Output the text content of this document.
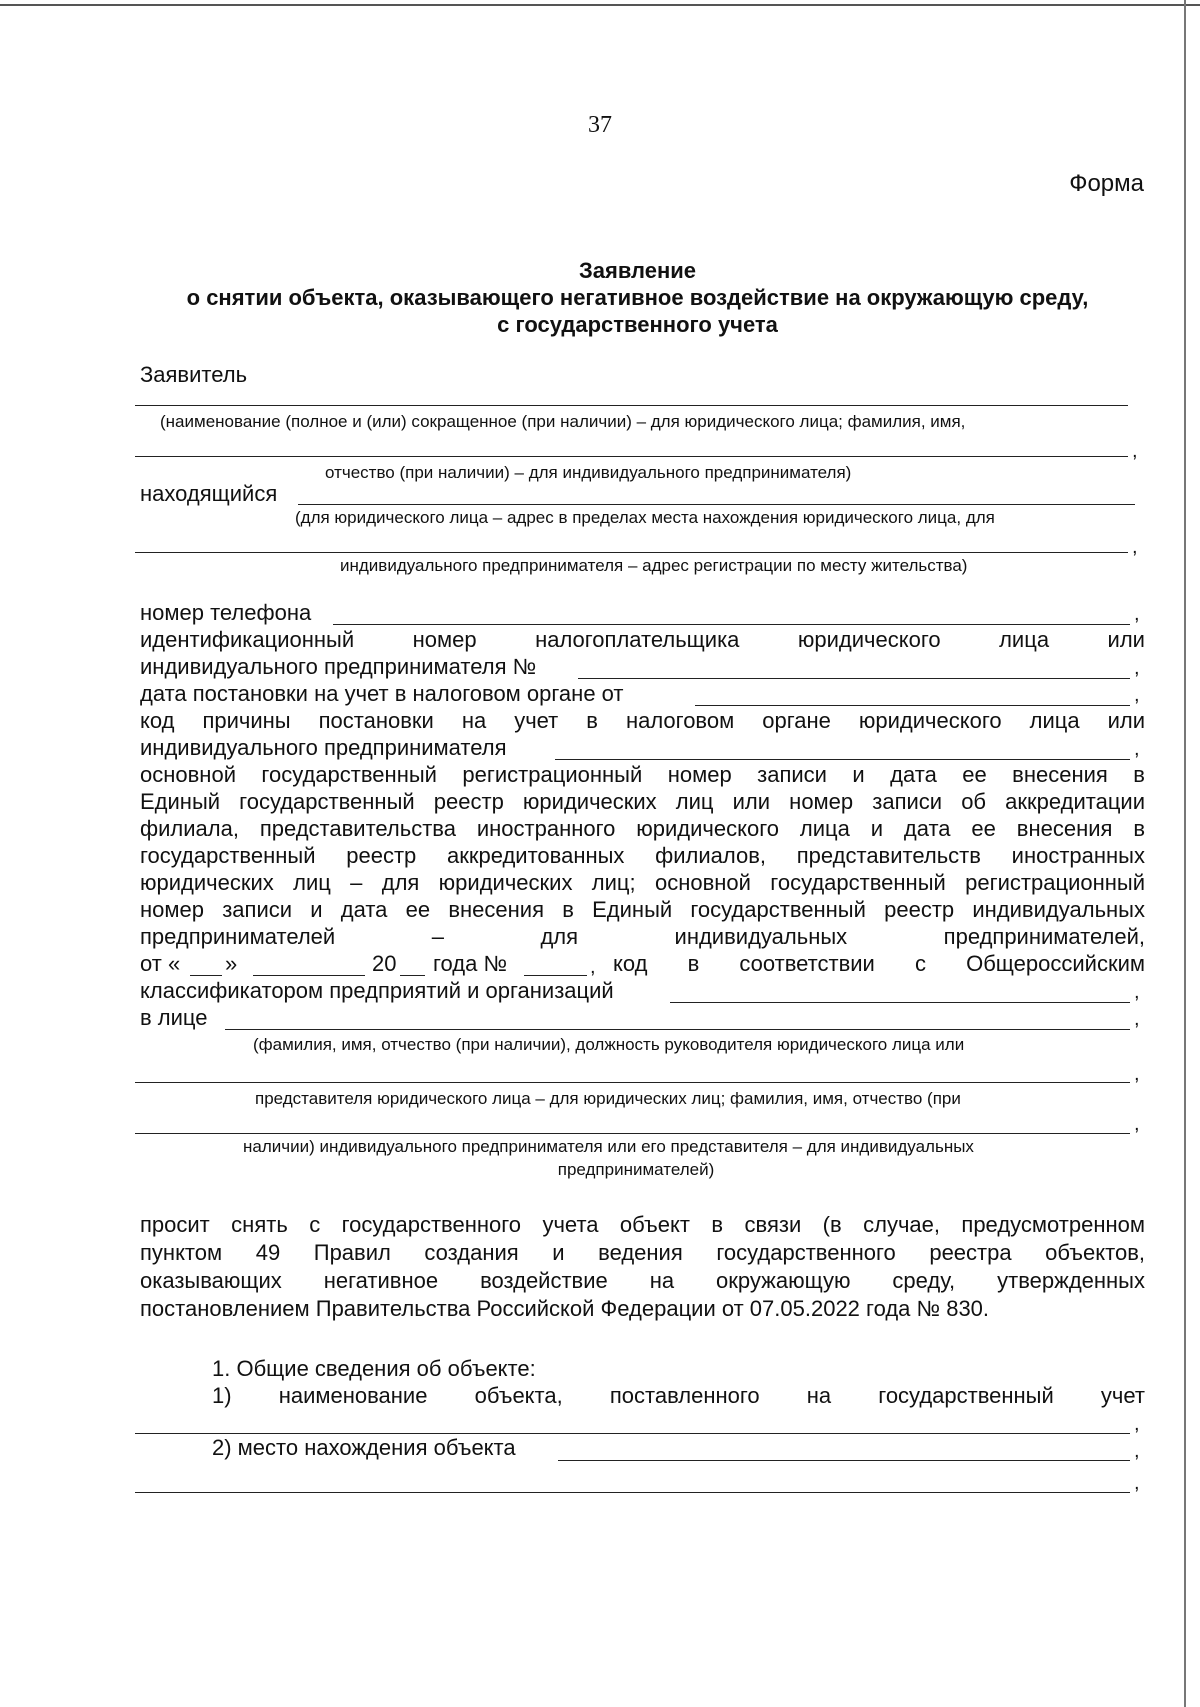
37
Форма
Заявление
о снятии объекта, оказывающего негативное воздействие на окружающую среду,
с государственного учета
Заявитель
(наименование (полное и (или) сокращенное (при наличии) – для юридического лица; фамилия, имя,
,
отчество (при наличии) – для индивидуального предпринимателя)
находящийся
(для юридического лица – адрес в пределах места нахождения юридического лица, для
,
индивидуального предпринимателя – адрес регистрации по месту жительства)
номер телефона	,
идентификационный	номер	налогоплательщика	юридического	лица	или
индивидуального предпринимателя №	,
дата постановки на учет в налоговом органе от	,
код причины постановки на учет в налоговом органе юридического лица или
индивидуального предпринимателя	,
основной государственный регистрационный номер записи и дата ее внесения в
Единый государственный реестр юридических лиц или номер записи об аккредитации
филиала, представительства иностранного юридического лица и дата ее внесения в
государственный реестр аккредитованных филиалов, представительств иностранных
юридических лиц – для юридических лиц; основной государственный регистрационный
номер записи и дата ее внесения в Единый государственный реестр индивидуальных
предпринимателей	–	для	индивидуальных	предпринимателей,
от « »	20 года №	, код в соответствии с Общероссийским
классификатором предприятий и организаций	,
в лице	,
(фамилия, имя, отчество (при наличии), должность руководителя юридического лица или
,
представителя юридического лица – для юридических лиц; фамилия, имя, отчество (при
,
наличии) индивидуального предпринимателя или его представителя – для индивидуальных
предпринимателей)
просит снять с государственного учета объект в связи (в случае, предусмотренном
пунктом 49 Правил создания и ведения государственного реестра объектов,
оказывающих негативное воздействие на окружающую среду, утвержденных
постановлением Правительства Российской Федерации от 07.05.2022 года № 830.
1. Общие сведения об объекте:
1) наименование объекта, поставленного на государственный учет
,
2) место нахождения объекта	,
,
